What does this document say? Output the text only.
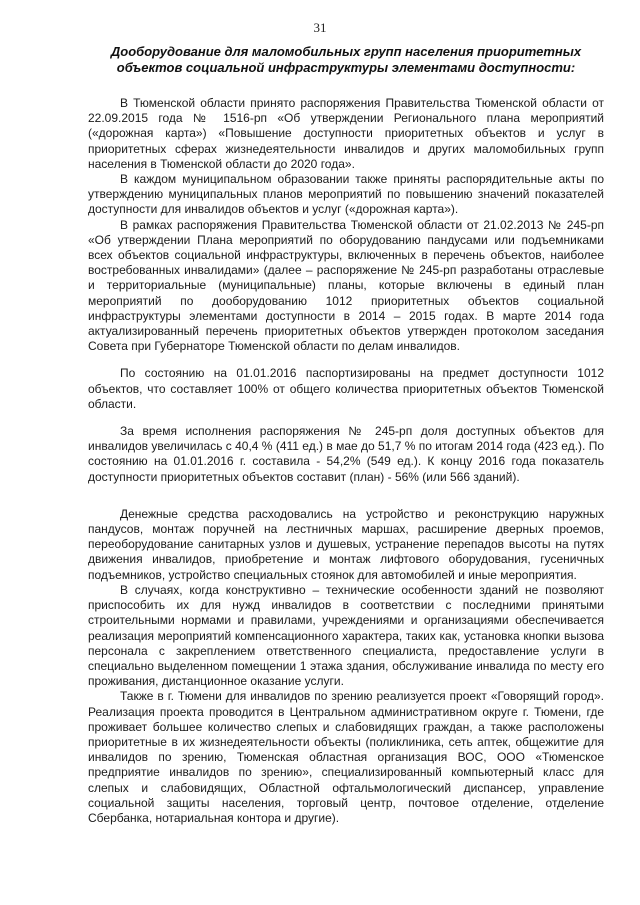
31
Дооборудование для маломобильных групп населения приоритетных объектов социальной инфраструктуры элементами доступности:

В Тюменской области принято распоряжения Правительства Тюменской области от 22.09.2015 года № 1516-рп «Об утверждении Регионального плана мероприятий («дорожная карта») «Повышение доступности приоритетных объектов и услуг в приоритетных сферах жизнедеятельности инвалидов и других маломобильных групп населения в Тюменской области до 2020 года».

В каждом муниципальном образовании также приняты распорядительные акты по утверждению муниципальных планов мероприятий по повышению значений показателей доступности для инвалидов объектов и услуг («дорожная карта»).

В рамках распоряжения Правительства Тюменской области от 21.02.2013 № 245-рп «Об утверждении Плана мероприятий по оборудованию пандусами или подъемниками всех объектов социальной инфраструктуры, включенных в перечень объектов, наиболее востребованных инвалидами» (далее – распоряжение № 245-рп разработаны отраслевые и территориальные (муниципальные) планы, которые включены в единый план мероприятий по дооборудованию 1012 приоритетных объектов социальной инфраструктуры элементами доступности в 2014 – 2015 годах. В марте 2014 года актуализированный перечень приоритетных объектов утвержден протоколом заседания Совета при Губернаторе Тюменской области по делам инвалидов.

По состоянию на 01.01.2016 паспортизированы на предмет доступности 1012 объектов, что составляет 100% от общего количества приоритетных объектов Тюменской области.

За время исполнения распоряжения № 245-рп доля доступных объектов для инвалидов увеличилась с 40,4 % (411 ед.) в мае до 51,7 % по итогам 2014 года (423 ед.). По состоянию на 01.01.2016 г. составила - 54,2% (549 ед.). К концу 2016 года показатель доступности приоритетных объектов составит (план) - 56% (или 566 зданий).

Денежные средства расходовались на устройство и реконструкцию наружных пандусов, монтаж поручней на лестничных маршах, расширение дверных проемов, переоборудование санитарных узлов и душевых, устранение перепадов высоты на путях движения инвалидов, приобретение и монтаж лифтового оборудования, гусеничных подъемников, устройство специальных стоянок для автомобилей и иные мероприятия.

В случаях, когда конструктивно – технические особенности зданий не позволяют приспособить их для нужд инвалидов в соответствии с последними принятыми строительными нормами и правилами, учреждениями и организациями обеспечивается реализация мероприятий компенсационного характера, таких как, установка кнопки вызова персонала с закреплением ответственного специалиста, предоставление услуги в специально выделенном помещении 1 этажа здания, обслуживание инвалида по месту его проживания, дистанционное оказание услуги.

Также в г. Тюмени для инвалидов по зрению реализуется проект «Говорящий город». Реализация проекта проводится в Центральном административном округе г. Тюмени, где проживает большее количество слепых и слабовидящих граждан, а также расположены приоритетные в их жизнедеятельности объекты (поликлиника, сеть аптек, общежитие для инвалидов по зрению, Тюменская областная организация ВОС, ООО «Тюменское предприятие инвалидов по зрению», специализированный компьютерный класс для слепых и слабовидящих, Областной офтальмологический диспансер, управление социальной защиты населения, торговый центр, почтовое отделение, отделение Сбербанка, нотариальная контора и другие).
